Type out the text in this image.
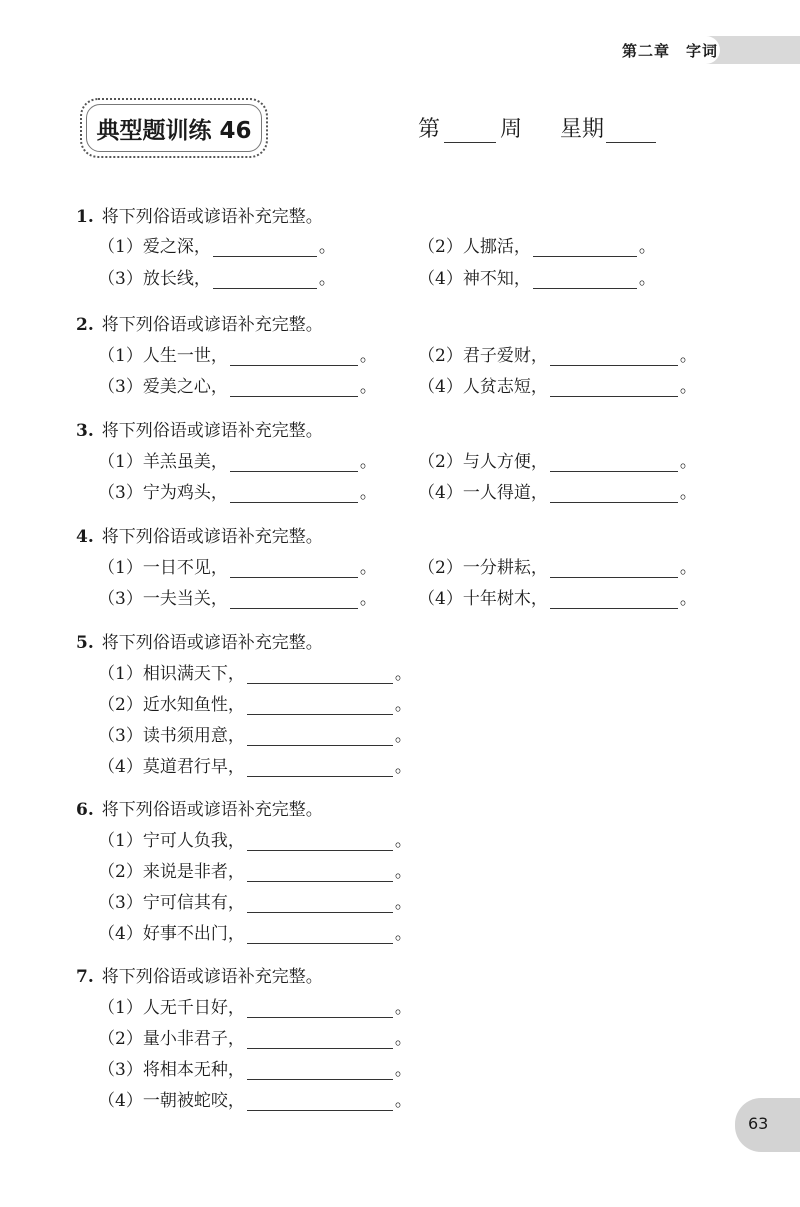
第二章　字词
典型题训练 46	第	周 星期
1. 将下列俗语或谚语补充完整。
（1）爱之深，	。	（2）人挪活，	。
（3）放长线，	。	（4）神不知，	。
2. 将下列俗语或谚语补充完整。
（1）人生一世，	。 （2）君子爱财，	。
（3）爱美之心，	。 （4）人贫志短，	。
3. 将下列俗语或谚语补充完整。
（1）羊羔虽美，	。 （2）与人方便，	。
（3）宁为鸡头，	。 （4）一人得道，	。
4. 将下列俗语或谚语补充完整。
（1）一日不见，	。 （2）一分耕耘，	。
（3）一夫当关，	。 （4）十年树木，	。
5. 将下列俗语或谚语补充完整。
（1）相识满天下，	。
（2）近水知鱼性，	。
（3）读书须用意，	。
（4）莫道君行早，	。
6. 将下列俗语或谚语补充完整。
（1）宁可人负我，	。
（2）来说是非者，	。
（3）宁可信其有，	。
（4）好事不出门，	。
7. 将下列俗语或谚语补充完整。
（1）人无千日好，	。
（2）量小非君子，	。
（3）将相本无种，	。
（4）一朝被蛇咬，	。
63
